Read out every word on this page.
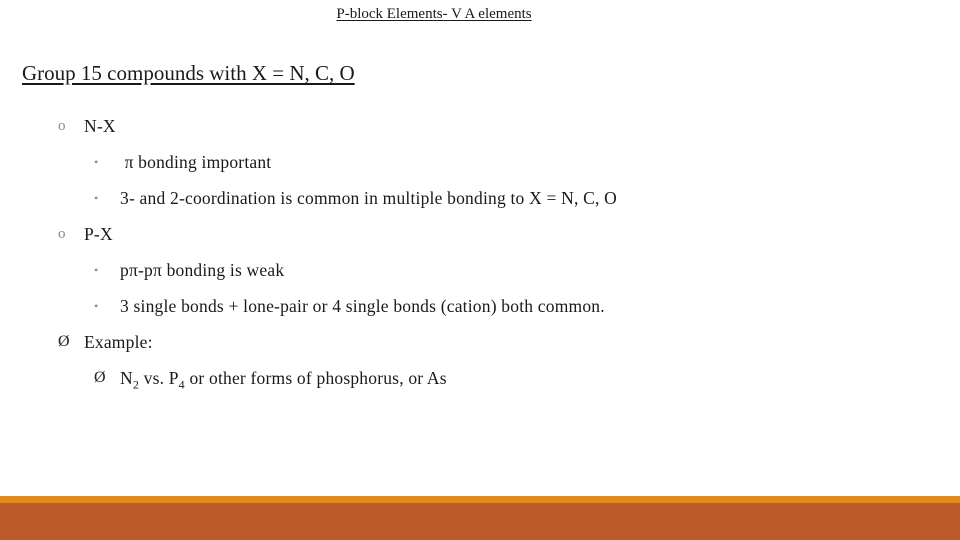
P-block Elements- V A elements
Group 15 compounds with X = N, C, O
o N-X
• π bonding important
• 3- and 2-coordination is common in multiple bonding to X = N, C, O
o P-X
• pπ-pπ bonding is weak
• 3 single bonds + lone-pair or 4 single bonds (cation) both common.
Ø Example:
Ø $N_2$ vs. $P_4$ or other forms of phosphorus, or As
